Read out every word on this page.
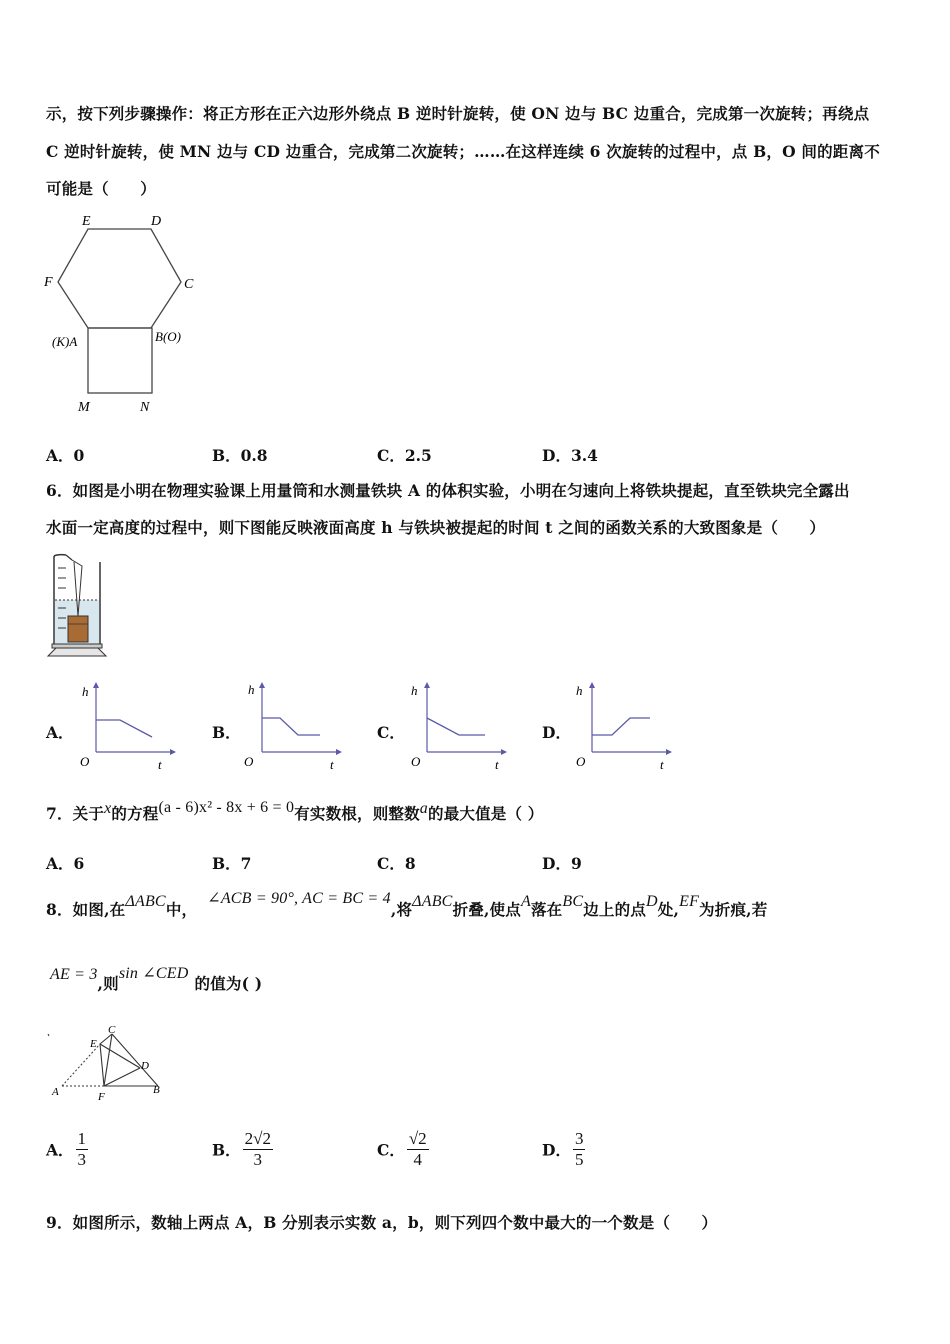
示，按下列步骤操作：将正方形在正六边形外绕点 B 逆时针旋转，使 ON 边与 BC 边重合，完成第一次旋转；再绕点
C 逆时针旋转，使 MN 边与 CD 边重合，完成第二次旋转；……在这样连续 6 次旋转的过程中，点 B，O 间的距离不
可能是（　　）
E	D
F	C
(K)A	B(O)
M	N
A．0	B．0.8	C．2.5	D．3.4
6．如图是小明在物理实验课上用量筒和水测量铁块 A 的体积实验，小明在匀速向上将铁块提起，直至铁块完全露出
水面一定高度的过程中，则下图能反映液面高度 h 与铁块被提起的时间 t 之间的函数关系的大致图象是（　　）
A．
h
t
O
B．
h
t
O
C．
h
t
O
D．
h
t
O
7．关于x的方程(a - 6)x² - 8x + 6 = 0有实数根，则整数a的最大值是（ ）
A．6	B．7	C．8	D．9
8．如图,在ΔABC中，∠ACB = 90°, AC = BC = 4,将ΔABC折叠,使点A落在BC边上的点D处,EF为折痕,若
AE = 3,则sin ∠CED的值为( )
C
E
D
A	F
B
A． $\frac{1}{3}$	B． $\frac{2√2}{3}$	C． $\frac{√2}{4}$	D． $\frac{3}{5}$
9．如图所示，数轴上两点 A，B 分别表示实数 a，b，则下列四个数中最大的一个数是（　　）
